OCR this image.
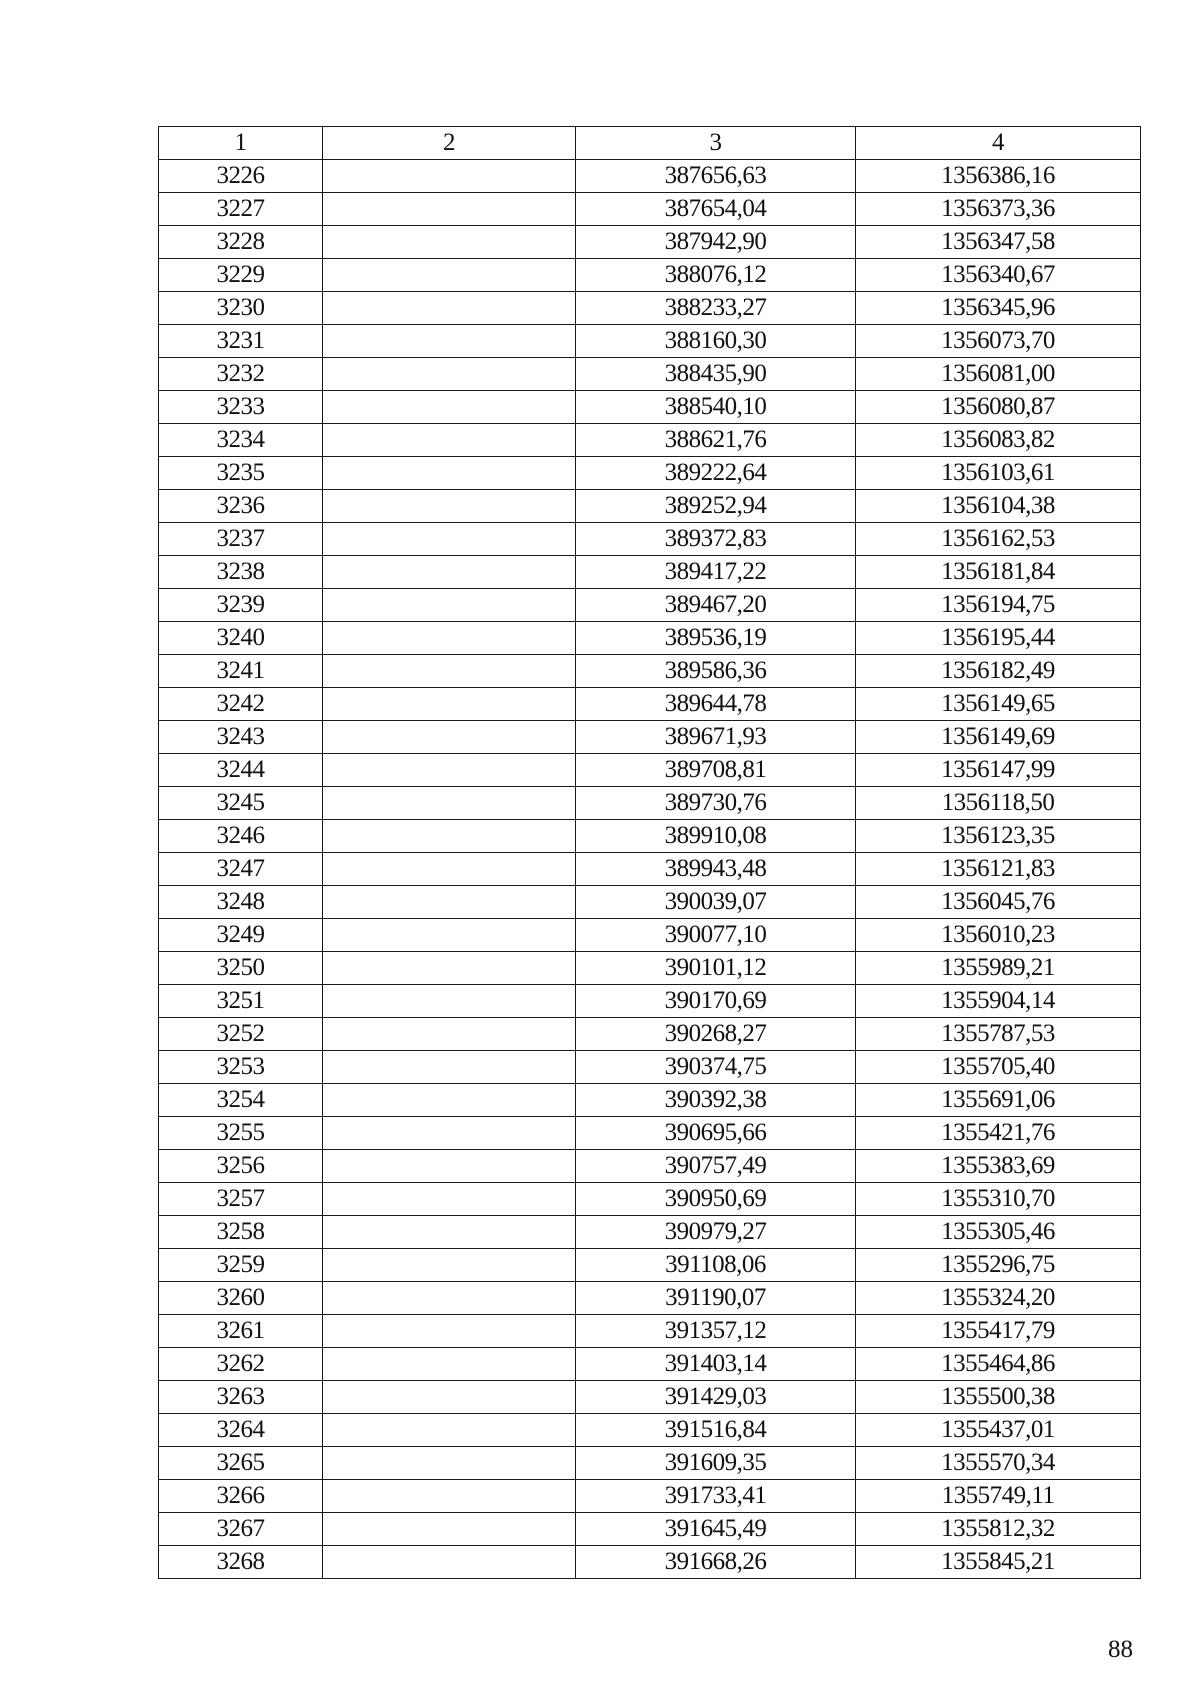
1	2	3	4
3226		387656,63	1356386,16
3227		387654,04	1356373,36
3228		387942,90	1356347,58
3229		388076,12	1356340,67
3230		388233,27	1356345,96
3231		388160,30	1356073,70
3232		388435,90	1356081,00
3233		388540,10	1356080,87
3234		388621,76	1356083,82
3235		389222,64	1356103,61
3236		389252,94	1356104,38
3237		389372,83	1356162,53
3238		389417,22	1356181,84
3239		389467,20	1356194,75
3240		389536,19	1356195,44
3241		389586,36	1356182,49
3242		389644,78	1356149,65
3243		389671,93	1356149,69
3244		389708,81	1356147,99
3245		389730,76	1356118,50
3246		389910,08	1356123,35
3247		389943,48	1356121,83
3248		390039,07	1356045,76
3249		390077,10	1356010,23
3250		390101,12	1355989,21
3251		390170,69	1355904,14
3252		390268,27	1355787,53
3253		390374,75	1355705,40
3254		390392,38	1355691,06
3255		390695,66	1355421,76
3256		390757,49	1355383,69
3257		390950,69	1355310,70
3258		390979,27	1355305,46
3259		391108,06	1355296,75
3260		391190,07	1355324,20
3261		391357,12	1355417,79
3262		391403,14	1355464,86
3263		391429,03	1355500,38
3264		391516,84	1355437,01
3265		391609,35	1355570,34
3266		391733,41	1355749,11
3267		391645,49	1355812,32
3268		391668,26	1355845,21
88
